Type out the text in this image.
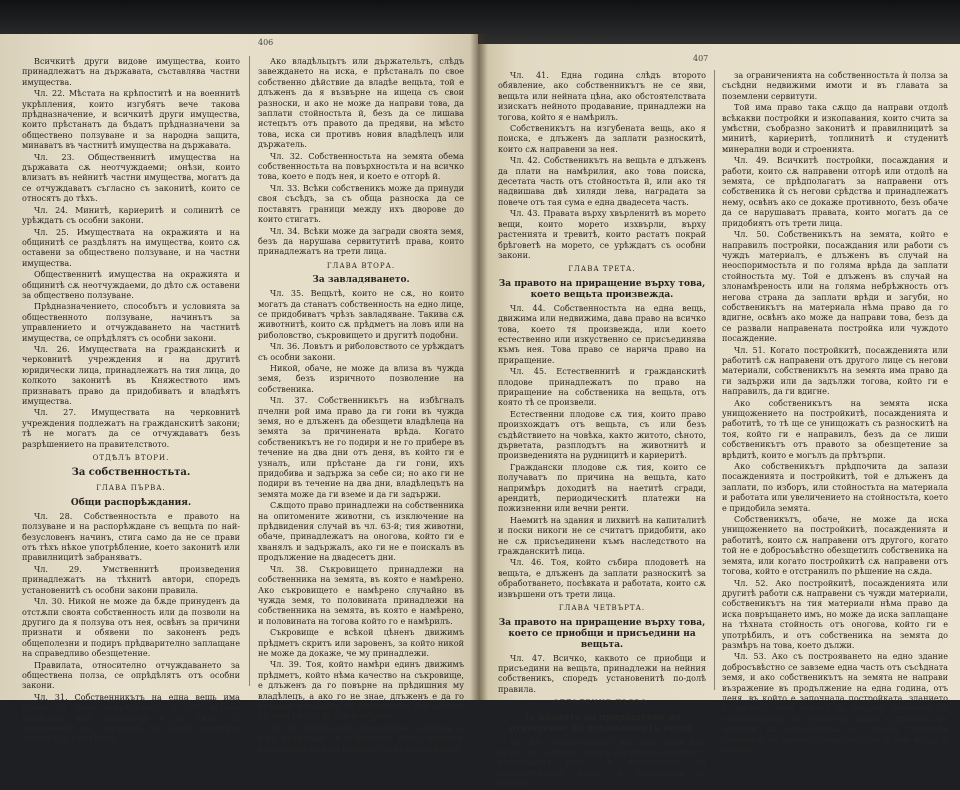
406

Всичкитѣ други видове имущества, които принадлежатъ на държавата, съставлява частни имущества.

Чл. 22. Мѣстата на крѣпоститѣ и на военнитѣ укрѣпления, които изгубятъ вече такова прѣдназначение, и всичкитѣ други имущества, които прѣстанатъ да бъдатъ прѣдназначени за обществено ползуване и за народна защита, минаватъ въ частнитѣ имущества на държавата.

Чл. 23. Общественнитѣ имущества на държавата сѫ неотчуждаеми; онѣзи, които влизатъ въ нейнитѣ частни имущества, могатъ да се отчуждаватъ съгласно съ законитѣ, които се относятъ до тѣхъ.

Чл. 24. Минитѣ, кариеритѣ и солинитѣ се урѣждатъ съ особни закони.

Чл. 25. Имуществата на окражията и на общинитѣ се раздѣлятъ на имущества, които сѫ оставени за обществено ползуване, и на частни имущества.

Общественнитѣ имущества на окражията и общинитѣ сѫ неотчуждаеми, до дѣто сѫ оставени за обществено ползуване.

Прѣдназначението, способътъ и условията за общественното ползуване, начинътъ за управлението и отчуждаването на частнитѣ имущества, се опрѣдѣлятъ съ особни закони.

Чл. 26. Имуществата на гражданскитѣ и черковнитѣ учреждения и на другитѣ юридически лица, принадлежатъ на тия лица, до колкото законитѣ въ Княжеството имъ признаватъ право да придобиватъ и владѣятъ имущества.

Чл. 27. Имуществата на черковнитѣ учреждения подлежатъ на гражданскитѣ закони; тѣ не могатъ да се отчуждаватъ безъ разрѣшението на правителството.

ОТДѢЛЪ ВТОРИ.

За собственностьта.

ГЛАВА ПЪРВА.

Общи распорѣждания.

Чл. 28. Собственностьта е правото на ползуване и на распорѣждане съ вещьта по най-безусловенъ начинъ, стига само да не се прави отъ тѣхъ нѣкое употрѣбление, което законитѣ или правилницитѣ забраняватъ.

Чл. 29. Умственнитѣ произведения принадлежатъ на тѣхнитѣ автори, споредъ установенитѣ съ особни закони правила.

Чл. 30. Никой не може да бѫде принуденъ да отстѫпи своята собственность или да позволи на другиго да я ползува отъ нея, освѣнъ за причини признати и обявени по законенъ редъ общеполезни и подиръ прѣдварително заплащане на справедливо обезщетение.

Правилата, относително отчуждаването за обществена полза, се опрѣдѣлятъ отъ особни закони.

Чл. 31. Собственникътъ на една вещь има право да иска повръщането й отъ всѣкой владѣтель или държатель и да бѫде, съ изключение на случаитѣ, въ които законътъ другояче распорѣжда.

Ако владѣльцътъ или държательтъ, слѣдъ завеждането на иска, е прѣстаналъ по свое собственно дѣйствие да владѣе вещьта, той е длъженъ да я възвърне на ищеца съ свои разноски, и ако не може да направи това, да заплати стойностьта й, безъ да се лишава истецътъ отъ правото да предяви, на мѣсто това, иска си противъ новия владѣлецъ или държатель.

Чл. 32. Собственностьта на земята обема собственностьта на повърхностьта и на всичко това, което е подъ нея, и което е отгорѣ й.

Чл. 33. Всѣки собственикъ може да принуди своя съсѣдъ, за съ обща разноска да се поставятъ граници между ихъ дворове до които стигатъ.

Чл. 34. Всѣки може да загради своята земя, безъ да нарушава сервитутитѣ права, които принадлежатъ на трети лица.

ГЛАВА ВТОРА.

За завладяването.

Чл. 35. Вещьтѣ, които не сѫ, но които могатъ да станатъ собственность на едно лице, се придобиватъ чрѣзъ завладяване. Такива сѫ животнитѣ, които сѫ прѣдметъ на ловъ или на риболовство, съкровището и другитѣ подобни.

Чл. 36. Ловътъ и риболовството се урѣждатъ съ особни закони.

Никой, обаче, не може да влиза въ чужда земя, безъ изричното позволение на собственика.

Чл. 37. Собственникътъ на избѣгналъ пчелни рой има право да ги гони въ чужда земя, но е длъженъ да обезщети владѣлеца на земята за причинената врѣда. Когато собственикътъ не го подири и не го прибере въ течение на два дни отъ деня, въ който ги е узналъ, или прѣстане да ги гони, ихъ придобива и задържа за себе си; но ако ги не подири въ течение на два дни, владѣлецътъ на земята може да ги вземе и да ги задържи.

Сѫщото право принадлежи на собственника на опитомените животни, съ изключение на прѣдвидения случай въ чл. 63-й; тия животни, обаче, принадлежатъ на оногова, който ги е хванялъ и задържалъ, ако ги не е поискалъ въ продължение на двадесетъ дни.

Чл. 38. Съкровището принадлежи на собственника на земята, въ която е намѣрено. Ако съкровището е намѣрено случайно въ чужда земя, то половината принадлежи на собственника на земята, въ която е намѣрено, и половината на тогова който го е намѣрилъ.

Съкровище е всѣкой цѣненъ движимъ прѣдметъ скритъ или заровенъ, за който никой не може да докаже, че му принадлежи.

Чл. 39. Тоя, който намѣри единъ движимъ прѣдметъ, който нѣма качество на съкровище, е длъженъ да го повърне на прѣдишния му владѣлецъ, а ако го не знае, длъженъ е да го прѣдаде незабавно на общинското управление на това мѣсто, дѣто е намѣренъ.

Чл. 40. Общинското управление съобщава за това прѣдаване съ обявление, което повтаря, по приетия за това начинъ, слѣдъ два седмица.

407

Чл. 41. Една година слѣдъ второто обявление, ако собственникътъ не се яви, вещьта или нейната цѣна, ако обстоятелствата изискатъ нейното продавание, принадлежи на тогова, който я е намѣрилъ.

Собственикътъ на изгубената вещь, ако я поиска, е длъженъ да заплати разноскитѣ, които сѫ направени за нея.

Чл. 42. Собственикътъ на вещьта е длъженъ да плати на намѣрилия, ако това поиска, десетата часть отъ стойностьта й, или ако тя надвишава двѣ хиляди лева, наградата за повече отъ тая сума е една двадесета часть.

Чл. 43. Правата върху хвърленитѣ въ морето вещи, които морето изхвърли, върху растенията и тревитѣ, които растатъ покрай брѣговетѣ на морето, се урѣждатъ съ особни закони.

ГЛАВА ТРЕТА.

За правото на приращение върху това, което вещьта произвежда.

Чл. 44. Собственностьта на една вещь, движима или недвижима, дава право на всичко това, което тя произвежда, или което естественно или изкуственно се присъединява къмъ нея. Това право се нарича право на приращение.

Чл. 45. Естественнитѣ и гражданскитѣ плодове принадлежатъ по право на приращение на собственика на вещьта, отъ която тѣ се произвели.

Естественни плодове сѫ тия, които право произхождатъ отъ вещьта, съ или безъ съдѣйствието на човѣка, както житото, сѣното, дърветата, разплодътъ на животнитѣ и произведенията на рудницитѣ и кариеритѣ.

Граждански плодове сѫ тия, които се получаватъ по причина на вещьта, като напримѣръ доходитѣ на наетитѣ сгради, арендитѣ, периодическитѣ платежи на пожизненни или вечни ренти.

Наемитѣ на здания и лихвитѣ на капиталитѣ и поски никоги не се считатъ придобити, ако не сѫ присъединени къмъ наследството на гражданскитѣ лица.

Чл. 46. Тоя, който събира плодоветѣ на вещьта, е длъженъ да заплати разноскитѣ за обработването, посѣвката и работата, които сѫ извършени отъ трети лица.

ГЛАВА ЧЕТВЪРТА.

За правото на приращение върху това, което се приобщи и присъедини на вещьта.

Чл. 47. Всичко, каквото се приобщи и присъедини на вещьта, принадлежи на нейния собственикъ, споредъ установенитѣ по-долѣ правила.

ОТДѢЛЕНИЕ ПЪРВО.

За правото на приращение по отношение на недвижимитѣ вещи.

Чл. 48. Собственикътъ на една земя има право да направи отгорѣ каквито постройки и посаждания иска, съ изключение на ограниченията, които сѫ установени въ главата

за ограниченията на собственностьта ѝ полза за съсѣдни недвижими имоти и въ главата за поземлени сервитути.

Той има право така сѫщо да направи отдолѣ всѣкакви постройки и изкопавания, които счита за умѣстни, съобразно законитѣ и правилницитѣ за минитѣ, кариеритѣ, топлинитѣ и студенитѣ минерални води и строенията.

Чл. 49. Всичкитѣ постройки, посаждания и работи, които сѫ направени отгорѣ или отдолѣ на земята, се прѣдполагатъ за направени отъ собственика ѝ съ негови срѣдства и принадлежатъ нему, освѣнъ ако се докаже противното, безъ обаче да се нарушаватъ правата, които могатъ да се придобиятъ отъ трети лица.

Чл. 50. Собственикътъ на земята, който е направилъ постройки, посаждания или работи съ чуждъ материалъ, е длъженъ въ случай на неоспоримостьта и по голяма врѣда да заплати стойностьта му. Той е длъженъ въ случай на злонамѣреность или на голяма небрѣжность отъ негова страна да заплати врѣди и загуби, но собственикътъ на материала нѣма право да го вдигне, освѣнъ ако може да направи това, безъ да се развали направената постройка или чуждото посаждение.

Чл. 51. Когато постройкитѣ, посажденията или работитѣ сѫ направени отъ другого лице съ негови материали, собственикътъ на земята има право да ги задържи или да задължи тогова, който ги е направилъ, да ги вдигне.

Ако собственикътъ на земята иска унищожението на постройкитѣ, посажденията и работитѣ, то тѣ ще се унищожатъ съ разноскитѣ на тоя, който ги е направилъ, безъ да се лиши собственикътъ отъ правото за обезщетение за врѣдитѣ, които е могълъ да прѣтърпи.

Ако собственикътъ прѣдпочита да запази посажденията и постройкитѣ, той е длъженъ да заплати, по изборъ, или стойностьта на материала и работата или увеличението на стойностьта, което е придобила земята.

Собственикътъ, обаче, не може да иска унищожението на постройкитѣ, посажденията и работитѣ, които сѫ направени отъ другого, когато той не е добросъвѣстно обезщетилъ собственика на земята, или когато постройкитѣ сѫ направени отъ тогова, който е отстранилъ по рѣшение на сѫда.

Чл. 52. Ако постройкитѣ, посажденията или другитѣ работи сѫ направени съ чужди материали, собственикътъ на тия материали нѣма право да иска повръщането имъ, но може да иска заплащане на тѣхната стойность отъ оногова, който ги е употрѣбилъ, и отъ собственика на земята до размѣръ на това, което дължи.

Чл. 53. Ако съ построяването на едно здание добросъвѣстно се завземе една часть отъ съсѣдната земя, и ако собственикътъ на земята не направи възражение въ продължение на една година, отъ деня, въ който е започнала постройката, зданието и заетата земя могатъ да бѫдатъ признати за собственность на строителя, който е длъженъ да заплати на собственика на земята двойната стойность на заетата повърхностьта и още врѣди и загуби.
